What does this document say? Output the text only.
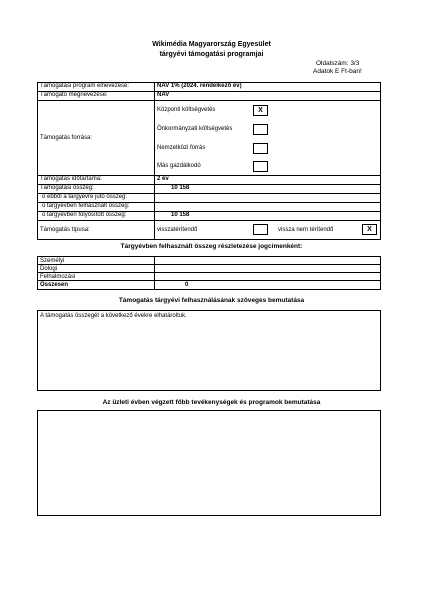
Wikimédia Magyarország Egyesület
tárgyévi támogatási programjai
Oldalszám: 3/3
Adatok E Ft-ban!
Támogatási program elnevezése:	NAV 1% (2024. rendelkező év)
Támogató megnevezése:	NAV
Támogatás forrása:
Központi költségvetés	X
Önkormányzati költségvetés
Nemzetközi forrás
Más gazdálkodó
Támogatás időtartama:	2 év
Támogatási összeg:	10 158
o ebből a tárgyévre jutó összeg:
o tárgyévben felhasznált összeg:
o tárgyévben folyósított összeg:	10 158
Támogatás típusa:	visszatérítendő	vissza nem térítendő	X
Tárgyévben felhasznált összeg részletezése jogcímenként:
Személyi
Dologi
Felhalmozási
Összesen	0
Támogatás tárgyévi felhasználásának szöveges bemutatása
A támogatás összegét a következő évekre elhatároltuk.
Az üzleti évben végzett főbb tevékenységek és programok bemutatása
